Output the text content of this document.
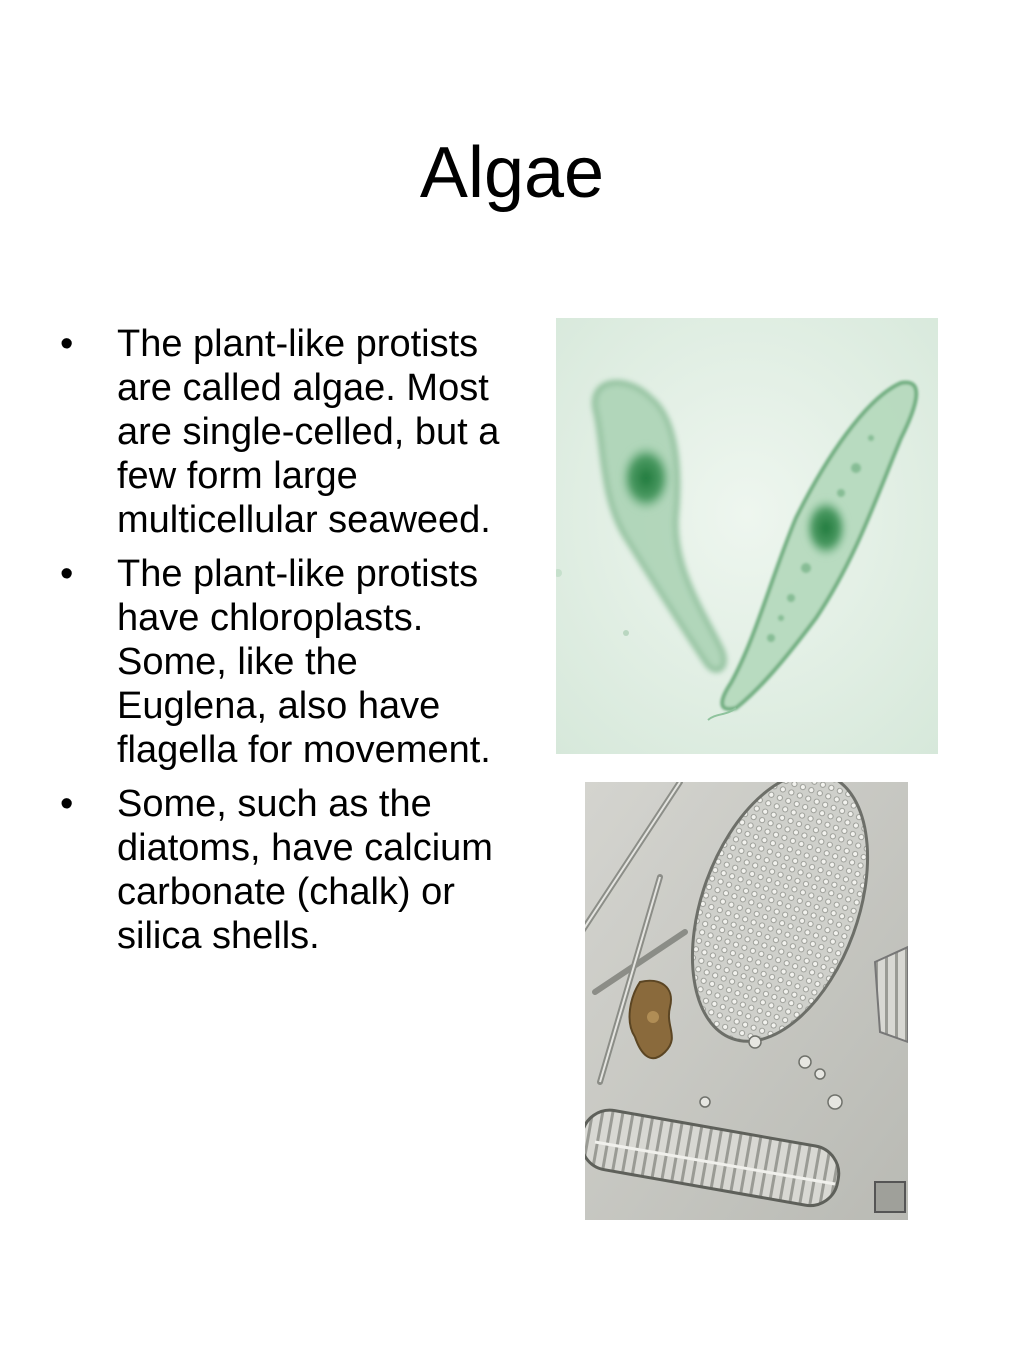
Algae
•	The plant-like protists are called algae. Most are single-celled, but a few form large multicellular seaweed.
•	The plant-like protists have chloroplasts. Some, like the Euglena, also have flagella for movement.
•	Some, such as the diatoms, have calcium carbonate (chalk) or silica shells.
